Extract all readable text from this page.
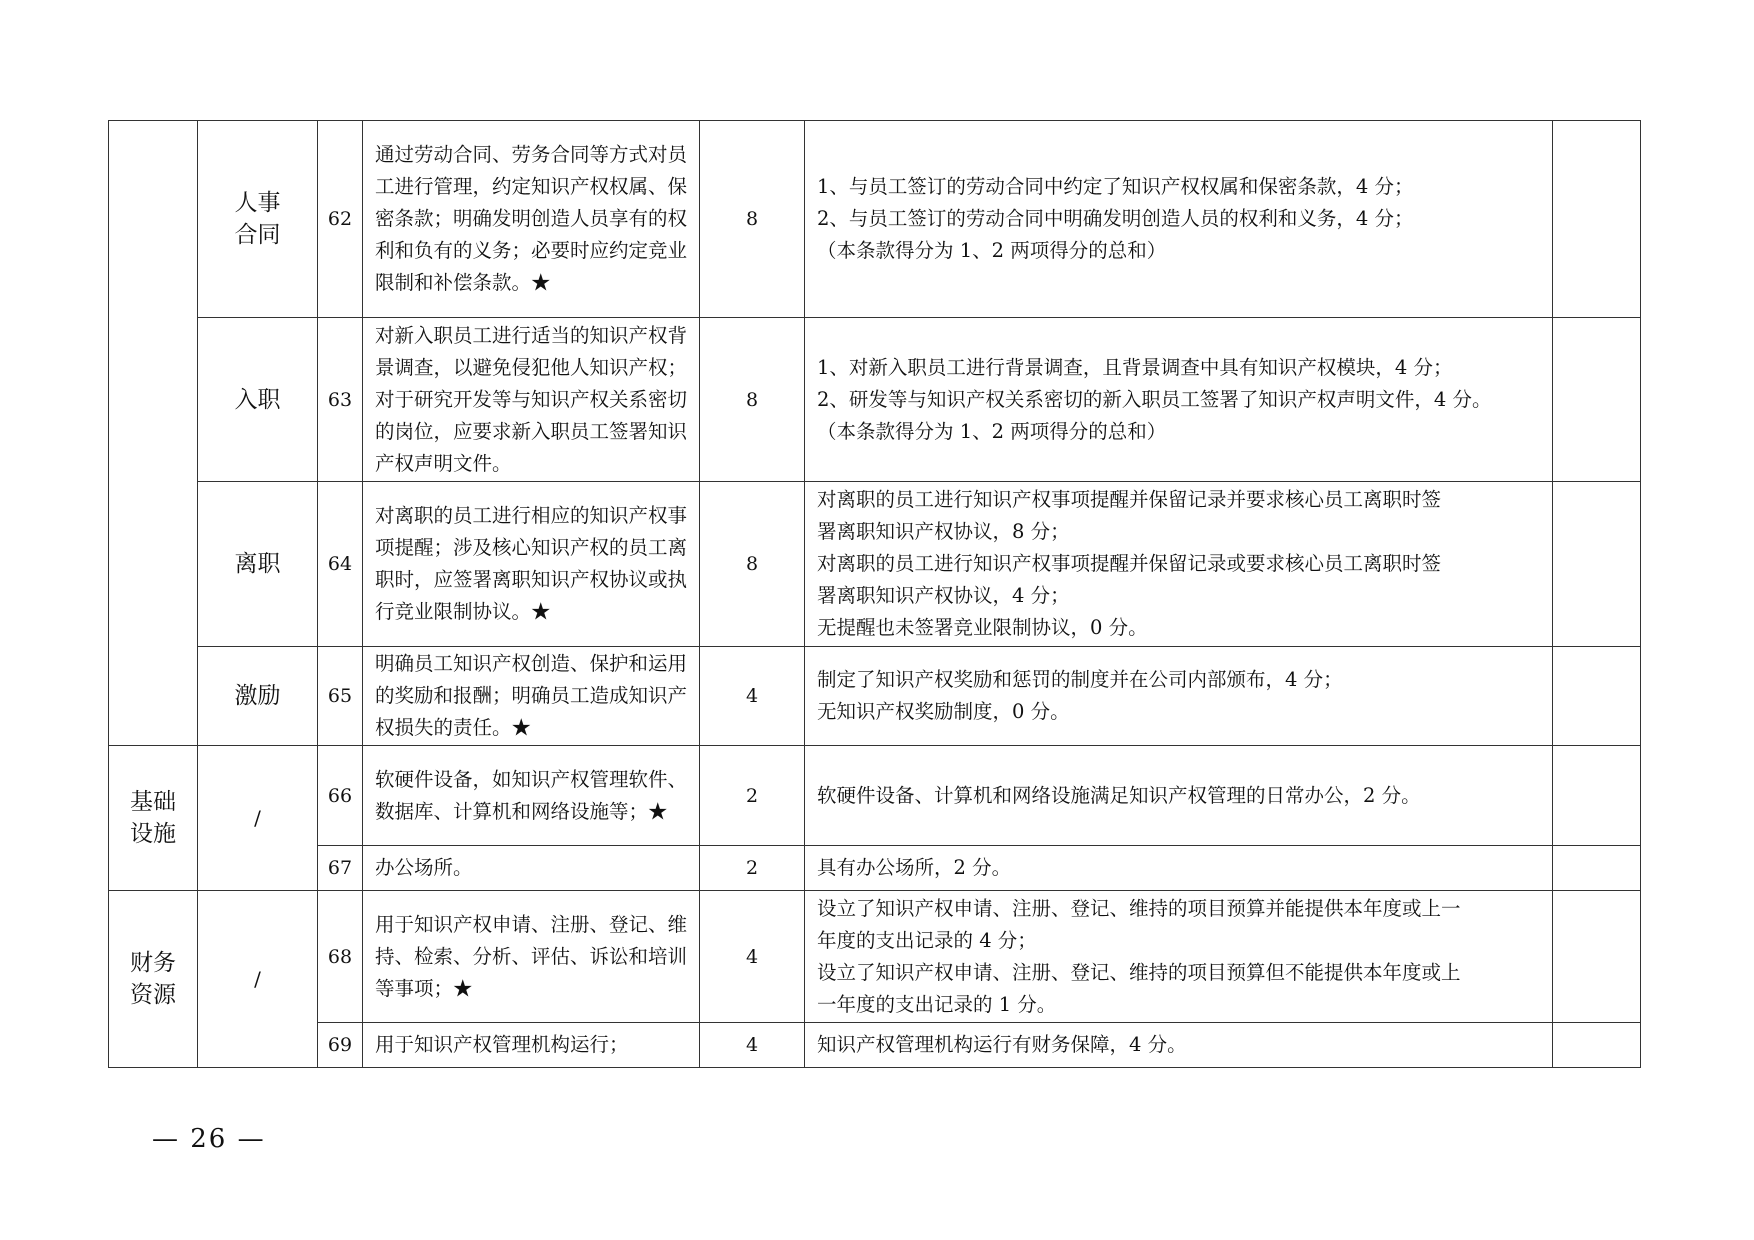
	人事合同	62	通过劳动合同、劳务合同等方式对员工进行管理，约定知识产权权属、保密条款；明确发明创造人员享有的权利和负有的义务；必要时应约定竞业限制和补偿条款。★	8	1、与员工签订的劳动合同中约定了知识产权权属和保密条款，4 分；
2、与员工签订的劳动合同中明确发明创造人员的权利和义务，4 分；
（本条款得分为 1、2 两项得分的总和）	

	入职	63	对新入职员工进行适当的知识产权背景调查，以避免侵犯他人知识产权；对于研究开发等与知识产权关系密切的岗位，应要求新入职员工签署知识产权声明文件。	8	1、对新入职员工进行背景调查，且背景调查中具有知识产权模块，4 分；
2、研发等与知识产权关系密切的新入职员工签署了知识产权声明文件，4 分。
（本条款得分为 1、2 两项得分的总和）	

	离职	64	对离职的员工进行相应的知识产权事项提醒；涉及核心知识产权的员工离职时，应签署离职知识产权协议或执行竞业限制协议。★	8	对离职的员工进行知识产权事项提醒并保留记录并要求核心员工离职时签
署离职知识产权协议，8 分；
对离职的员工进行知识产权事项提醒并保留记录或要求核心员工离职时签
署离职知识产权协议，4 分；
无提醒也未签署竞业限制协议，0 分。	

	激励	65	明确员工知识产权创造、保护和运用的奖励和报酬；明确员工造成知识产权损失的责任。★	4	制定了知识产权奖励和惩罚的制度并在公司内部颁布，4 分；
无知识产权奖励制度，0 分。	

基础设施	/	66	软硬件设备，如知识产权管理软件、数据库、计算机和网络设施等；★	2	软硬件设备、计算机和网络设施满足知识产权管理的日常办公，2 分。	

		67	办公场所。	2	具有办公场所，2 分。	

财务资源	/	68	用于知识产权申请、注册、登记、维持、检索、分析、评估、诉讼和培训等事项；★	4	设立了知识产权申请、注册、登记、维持的项目预算并能提供本年度或上一
年度的支出记录的 4 分；
设立了知识产权申请、注册、登记、维持的项目预算但不能提供本年度或上
一年度的支出记录的 1 分。	

		69	用于知识产权管理机构运行；	4	知识产权管理机构运行有财务保障，4 分。	

— 26 —
